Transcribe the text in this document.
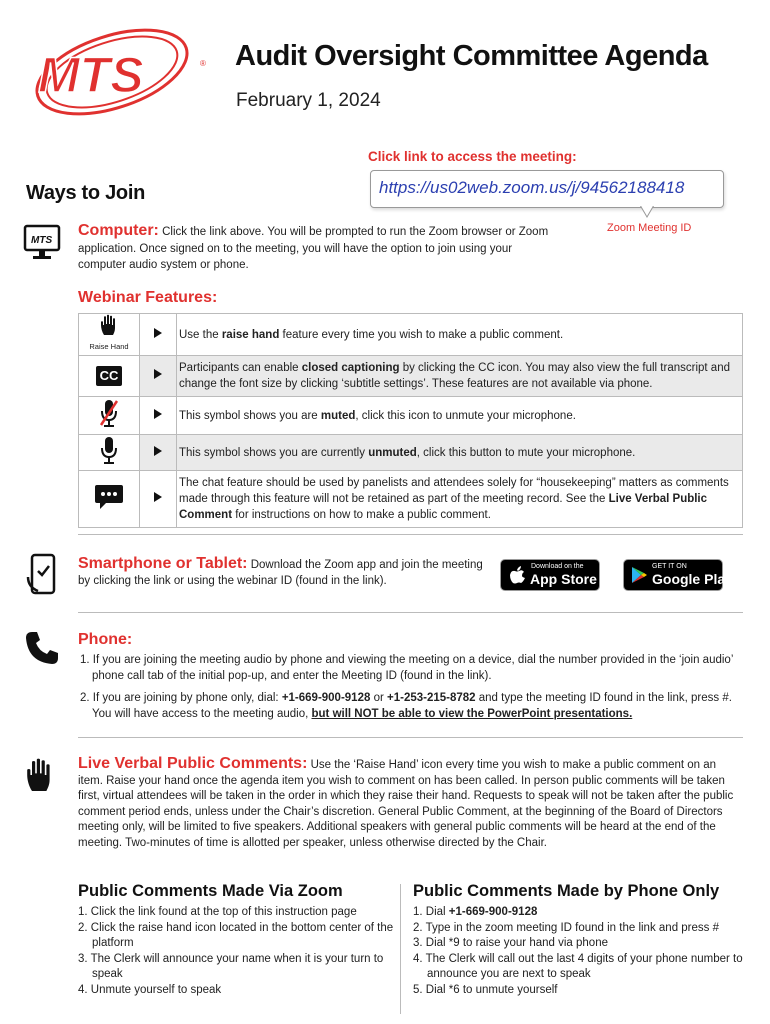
MTS	® Audit Oversight Committee Agenda
February 1, 2024
Click link to access the meeting:
https://us02web.zoom.us/j/94562188418
Zoom Meeting ID
Ways to Join
MTS
Computer: Click the link above. You will be prompted to run the Zoom browser or Zoom application. Once signed on to the meeting, you will have the option to join using your computer audio system or phone.
Webinar Features:
Raise Hand		Use the raise hand feature every time you wish to make a public comment.
CC		Participants can enable closed captioning by clicking the CC icon. You may also view the full transcript and change the font size by clicking ‘subtitle settings’. These features are not available via phone.
		This symbol shows you are muted, click this icon to unmute your microphone.
		This symbol shows you are currently unmuted, click this button to mute your microphone.
		The chat feature should be used by panelists and attendees solely for “housekeeping” matters as comments made through this feature will not be retained as part of the meeting record. See the Live Verbal Public Comment for instructions on how to make a public comment.
Smartphone or Tablet: Download the Zoom app and join the meeting by clicking the link or using the webinar ID (found in the link).
Download on the
App Store
GET IT ON
Google Play
Phone:
1. If you are joining the meeting audio by phone and viewing the meeting on a device, dial the number provided in the ‘join audio’ phone call tab of the initial pop-up, and enter the Meeting ID (found in the link).
2. If you are joining by phone only, dial: +1-669-900-9128 or +1-253-215-8782 and type the meeting ID found in the link, press #. You will have access to the meeting audio, but will NOT be able to view the PowerPoint presentations.
Live Verbal Public Comments: Use the ‘Raise Hand’ icon every time you wish to make a public comment on an item. Raise your hand once the agenda item you wish to comment on has been called. In person public comments will be taken first, virtual attendees will be taken in the order in which they raise their hand. Requests to speak will not be taken after the public comment period ends, unless under the Chair’s discretion. General Public Comment, at the beginning of the Board of Directors meeting only, will be limited to five speakers. Additional speakers with general public comments will be heard at the end of the meeting. Two-minutes of time is allotted per speaker, unless otherwise directed by the Chair.
Public Comments Made Via Zoom
1. Click the link found at the top of this instruction page
2. Click the raise hand icon located in the bottom center of the platform
3. The Clerk will announce your name when it is your turn to speak
4. Unmute yourself to speak
Public Comments Made by Phone Only
1. Dial +1-669-900-9128
2. Type in the zoom meeting ID found in the link and press #
3. Dial *9 to raise your hand via phone
4. The Clerk will call out the last 4 digits of your phone number to announce you are next to speak
5. Dial *6 to unmute yourself
